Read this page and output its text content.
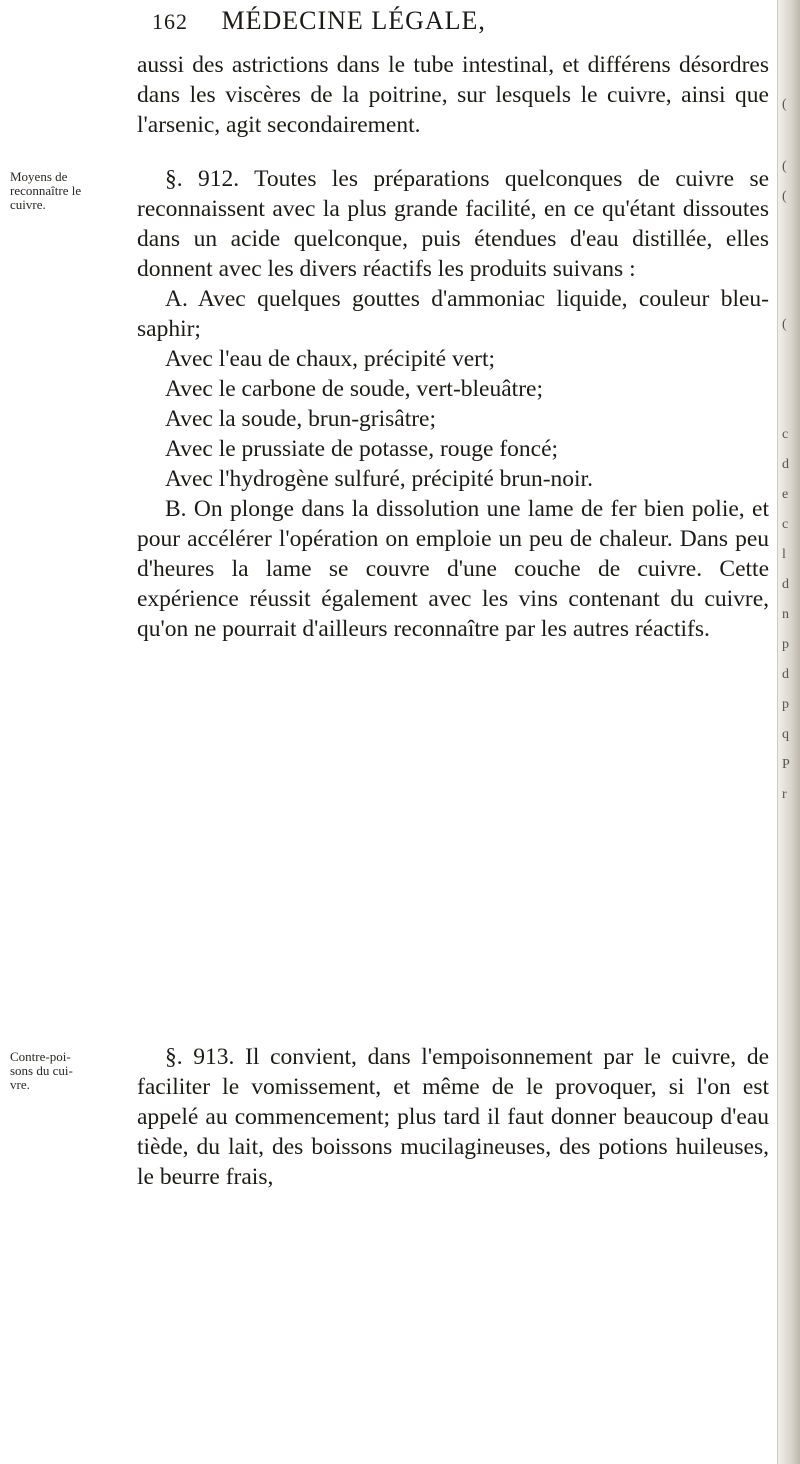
162 MÉDECINE LÉGALE,

aussi des astrictions dans le tube intestinal, et différens désordres dans les viscères de la poitrine, sur lesquels le cuivre, ainsi que l'arsenic, agit secondairement.

Moyens de
reconnaître le
cuivre.

§. 912. Toutes les préparations quelconques de cuivre se reconnaissent avec la plus grande facilité, en ce qu'étant dissoutes dans un acide quelconque, puis étendues d'eau distillée, elles donnent avec les divers réactifs les produits suivans :

A. Avec quelques gouttes d'ammoniac liquide, couleur bleu-saphir;

Avec l'eau de chaux, précipité vert;

Avec le carbone de soude, vert-bleuâtre;

Avec la soude, brun-grisâtre;

Avec le prussiate de potasse, rouge foncé;

Avec l'hydrogène sulfuré, précipité brun-noir.

B. On plonge dans la dissolution une lame de fer bien polie, et pour accélérer l'opération on emploie un peu de chaleur. Dans peu d'heures la lame se couvre d'une couche de cuivre. Cette expérience réussit également avec les vins contenant du cuivre, qu'on ne pourrait d'ailleurs reconnaître par les autres réactifs.

Contre-poi-
sons du cui-
vre.

§. 913. Il convient, dans l'empoisonnement par le cuivre, de faciliter le vomissement, et même de le provoquer, si l'on est appelé au commencement; plus tard il faut donner beaucoup d'eau tiède, du lait, des boissons mucilagineuses, des potions huileuses, le beurre frais,

(
(
(
(
c
d
e
c
l
d
n
p
d
p
q
P
r
